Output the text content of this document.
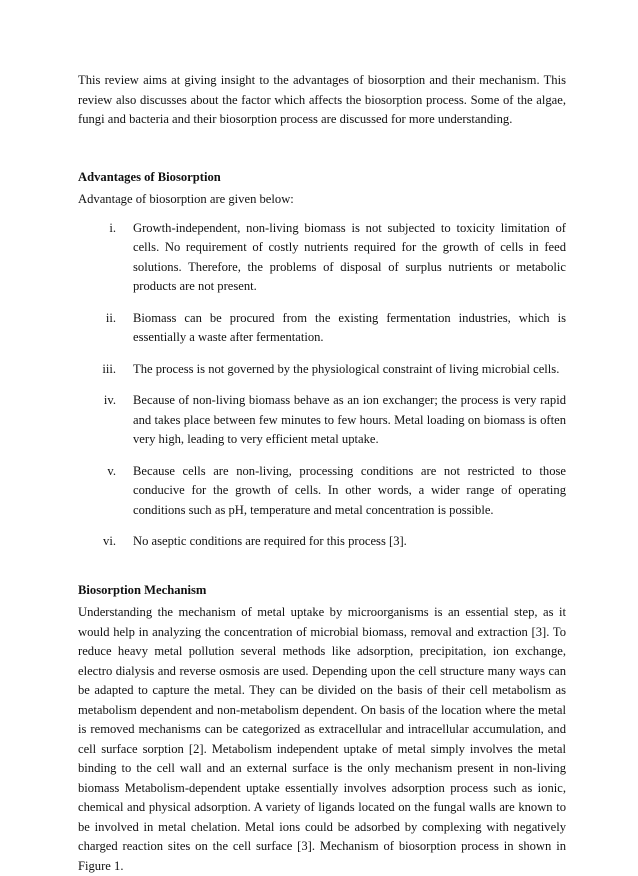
This review aims at giving insight to the advantages of biosorption and their mechanism. This review also discusses about the factor which affects the biosorption process. Some of the algae, fungi and bacteria and their biosorption process are discussed for more understanding.

Advantages of Biosorption

Advantage of biosorption are given below:

i. Growth-independent, non-living biomass is not subjected to toxicity limitation of cells. No requirement of costly nutrients required for the growth of cells in feed solutions. Therefore, the problems of disposal of surplus nutrients or metabolic products are not present.

ii. Biomass can be procured from the existing fermentation industries, which is essentially a waste after fermentation.

iii. The process is not governed by the physiological constraint of living microbial cells.

iv. Because of non-living biomass behave as an ion exchanger; the process is very rapid and takes place between few minutes to few hours. Metal loading on biomass is often very high, leading to very efficient metal uptake.

v. Because cells are non-living, processing conditions are not restricted to those conducive for the growth of cells. In other words, a wider range of operating conditions such as pH, temperature and metal concentration is possible.

vi. No aseptic conditions are required for this process [3].

Biosorption Mechanism

Understanding the mechanism of metal uptake by microorganisms is an essential step, as it would help in analyzing the concentration of microbial biomass, removal and extraction [3]. To reduce heavy metal pollution several methods like adsorption, precipitation, ion exchange, electro dialysis and reverse osmosis are used. Depending upon the cell structure many ways can be adapted to capture the metal. They can be divided on the basis of their cell metabolism as metabolism dependent and non-metabolism dependent. On basis of the location where the metal is removed mechanisms can be categorized as extracellular and intracellular accumulation, and cell surface sorption [2]. Metabolism independent uptake of metal simply involves the metal binding to the cell wall and an external surface is the only mechanism present in non-living biomass Metabolism-dependent uptake essentially involves adsorption process such as ionic, chemical and physical adsorption. A variety of ligands located on the fungal walls are known to be involved in metal chelation. Metal ions could be adsorbed by complexing with negatively charged reaction sites on the cell surface [3]. Mechanism of biosorption process in shown in Figure 1.
